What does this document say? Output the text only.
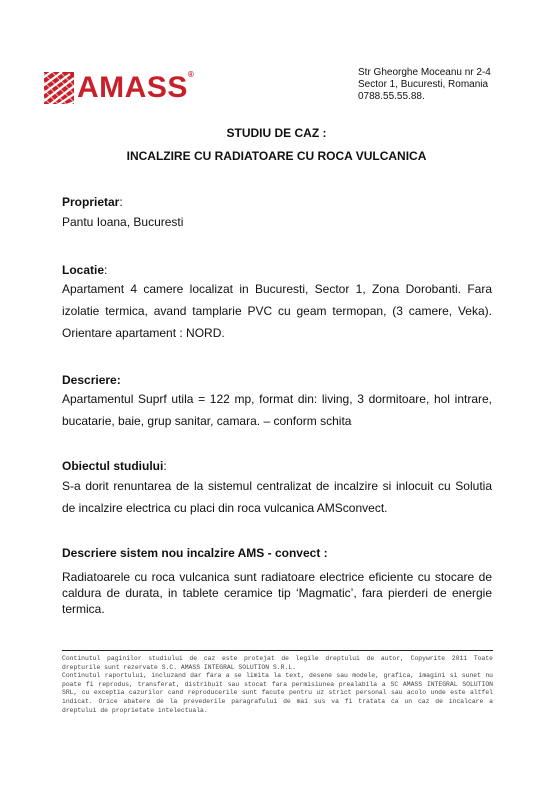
AMASS®	Str Gheorghe Moceanu nr 2-4
Sector 1, Bucuresti, Romania
0788.55.55.88.
STUDIU DE CAZ :
INCALZIRE CU RADIATOARE CU ROCA VULCANICA
Proprietar:
Pantu Ioana, Bucuresti
Locatie:
Apartament 4 camere localizat in Bucuresti, Sector 1, Zona Dorobanti. Fara izolatie termica, avand tamplarie PVC cu geam termopan, (3 camere, Veka). Orientare apartament : NORD.
Descriere:
Apartamentul Suprf utila = 122 mp, format din: living, 3 dormitoare, hol intrare, bucatarie, baie, grup sanitar, camara. – conform schita
Obiectul studiului:
S-a dorit renuntarea de la sistemul centralizat de incalzire si inlocuit cu Solutia de incalzire electrica cu placi din roca vulcanica AMSconvect.
Descriere sistem nou incalzire AMS - convect :
Radiatoarele cu roca vulcanica sunt radiatoare electrice eficiente cu stocare de caldura de durata, in tablete ceramice tip ‘Magmatic’, fara pierderi de energie termica.
Continutul paginilor studiului de caz este protejat de legile dreptului de autor, Copywrite 2011 Toate drepturile sunt rezervate S.C. AMASS INTEGRAL SOLUTION S.R.L.
Continutul raportului, incluzand dar fara a se limita la text, desene sau modele, grafica, imagini si sunet nu poate fi reprodus, transferat, distribuit sau stocat fara permisiunea prealabila a SC AMASS INTEGRAL SOLUTION SRL, cu exceptia cazurilor cand reproducerile sunt facute pentru uz strict personal sau acolo unde este altfel indicat. Orice abatere de la prevederile paragrafului de mai sus va fi tratata ca un caz de incalcare a dreptului de proprietate intelectuala.
